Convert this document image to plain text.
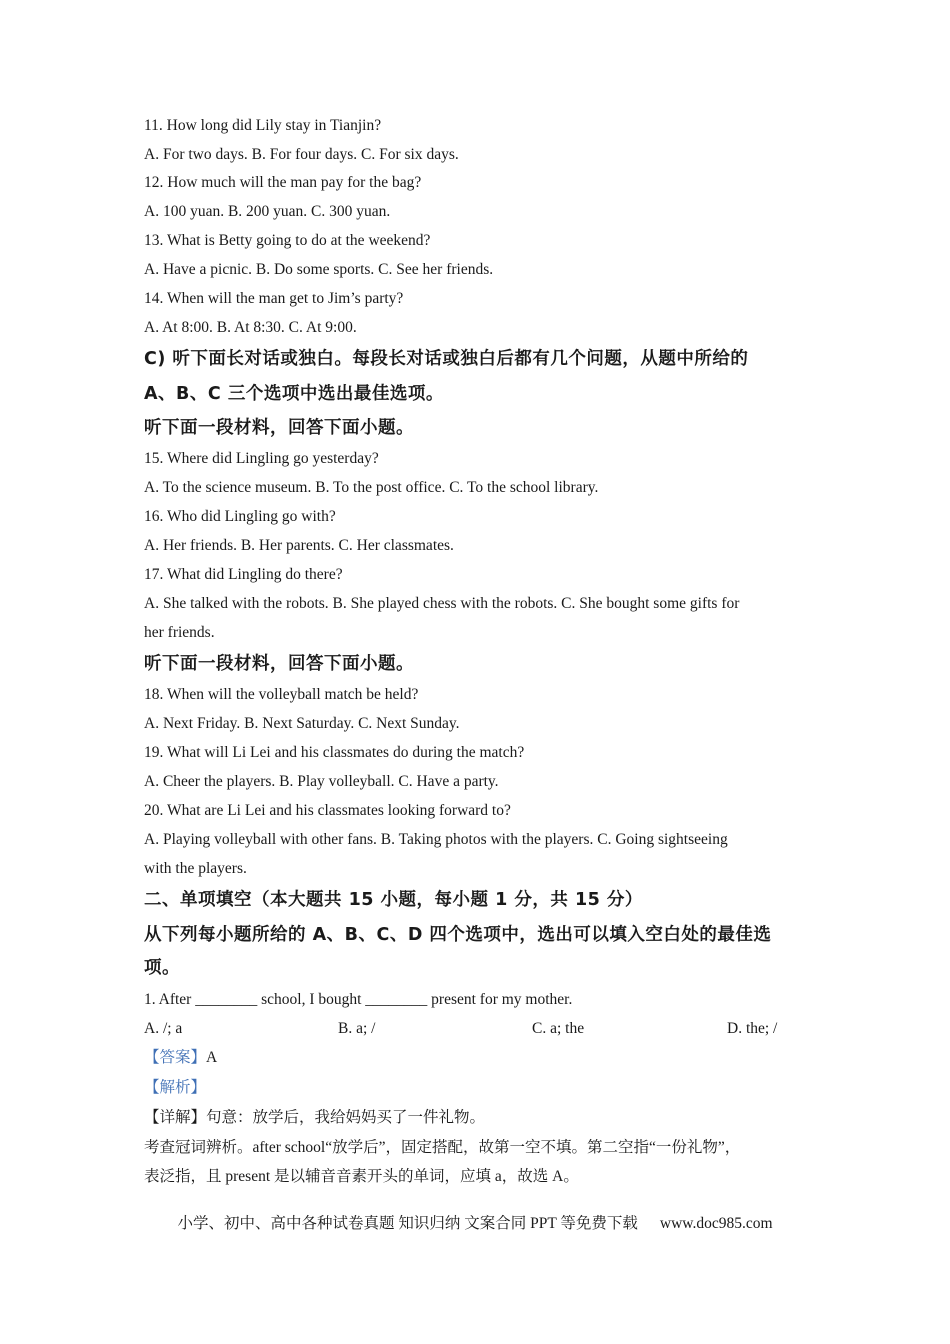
11. How long did Lily stay in Tianjin?
A. For two days. B. For four days. C. For six days.
12. How much will the man pay for the bag?
A. 100 yuan. B. 200 yuan. C. 300 yuan.
13. What is Betty going to do at the weekend?
A. Have a picnic. B. Do some sports. C. See her friends.
14. When will the man get to Jim’s party?
A. At 8:00. B. At 8:30. C. At 9:00.
C) 听下面长对话或独白。每段长对话或独白后都有几个问题，从题中所给的
A、B、C 三个选项中选出最佳选项。
听下面一段材料，回答下面小题。
15. Where did Lingling go yesterday?
A. To the science museum. B. To the post office. C. To the school library.
16. Who did Lingling go with?
A. Her friends. B. Her parents. C. Her classmates.
17. What did Lingling do there?
A. She talked with the robots. B. She played chess with the robots. C. She bought some gifts for
her friends.
听下面一段材料，回答下面小题。
18. When will the volleyball match be held?
A. Next Friday. B. Next Saturday. C. Next Sunday.
19. What will Li Lei and his classmates do during the match?
A. Cheer the players. B. Play volleyball. C. Have a party.
20. What are Li Lei and his classmates looking forward to?
A. Playing volleyball with other fans. B. Taking photos with the players. C. Going sightseeing
with the players.
二、单项填空（本大题共 15 小题，每小题 1 分，共 15 分）
从下列每小题所给的 A、B、C、D 四个选项中，选出可以填入空白处的最佳选
项。
1. After ________ school, I bought ________ present for my mother.
A. /; a	B. a; /	C. a; the	D. the; /
【答案】A
【解析】
【详解】句意：放学后，我给妈妈买了一件礼物。
考查冠词辨析。after school“放学后”，固定搭配，故第一空不填。第二空指“一份礼物”，
表泛指，且 present 是以辅音音素开头的单词，应填 a，故选 A。
小学、初中、高中各种试卷真题 知识归纳 文案合同 PPT 等免费下载 www.doc985.com
